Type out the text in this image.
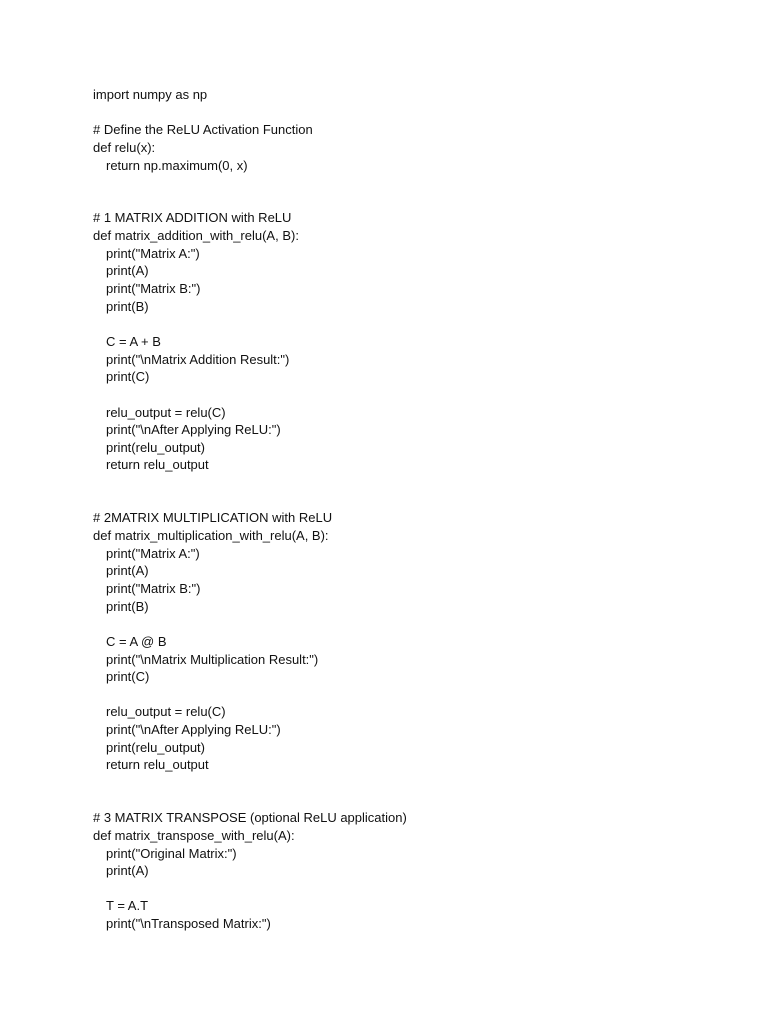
import numpy as np
# Define the ReLU Activation Function
def relu(x):
return np.maximum(0, x)
# 1 MATRIX ADDITION with ReLU
def matrix_addition_with_relu(A, B):
print("Matrix A:")
print(A)
print("Matrix B:")
print(B)
C = A + B
print("\nMatrix Addition Result:")
print(C)
relu_output = relu(C)
print("\nAfter Applying ReLU:")
print(relu_output)
return relu_output
# 2MATRIX MULTIPLICATION with ReLU
def matrix_multiplication_with_relu(A, B):
print("Matrix A:")
print(A)
print("Matrix B:")
print(B)
C = A @ B
print("\nMatrix Multiplication Result:")
print(C)
relu_output = relu(C)
print("\nAfter Applying ReLU:")
print(relu_output)
return relu_output
# 3 MATRIX TRANSPOSE (optional ReLU application)
def matrix_transpose_with_relu(A):
print("Original Matrix:")
print(A)
T = A.T
print("\nTransposed Matrix:")
